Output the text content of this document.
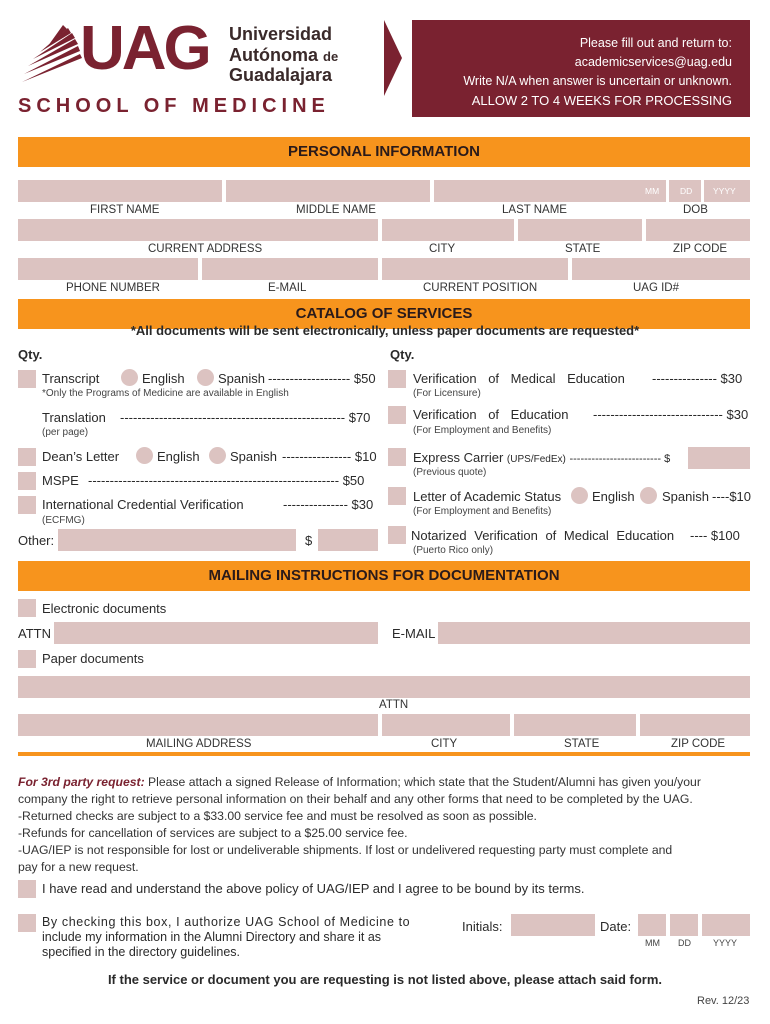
UAG Universidad
Autónoma de
Guadalajara
SCHOOL OF MEDICINE
Please fill out and return to:
academicservices@uag.edu
Write N/A when answer is uncertain or unknown.
ALLOW 2 TO 4 WEEKS FOR PROCESSING
PERSONAL INFORMATION
MM DD YYYY
FIRST NAME	MIDDLE NAME	LAST NAME	DOB
CURRENT ADDRESS	CITY	STATE	ZIP CODE
PHONE NUMBER	E-MAIL	CURRENT POSITION	UAG ID#
CATALOG OF SERVICES
*All documents will be sent electronically, unless paper documents are requested*
Qty.	Qty.
Transcript	English	Spanish ------------------- $50
*Only the Programs of Medicine are available in English
Translation ---------------------------------------------------- $70
(per page)
Dean’s Letter	English Spanish ---------------- $10
MSPE ---------------------------------------------------------- $50
International Credential Verification	--------------- $30
(ECFMG)
Other:	$
Verification of Medical Education --------------- $30
(For Licensure)
Verification of Education ------------------------------ $30
(For Employment and Benefits)
Express Carrier (UPS/FedEx) ------------------------- $
(Previous quote)
Letter of Academic Status English Spanish ----$10
(For Employment and Benefits)
Notarized Verification of Medical Education ---- $100
(Puerto Rico only)
MAILING INSTRUCTIONS FOR DOCUMENTATION
Electronic documents
ATTN	E-MAIL
Paper documents
ATTN
MAILING ADDRESS	CITY	STATE	ZIP CODE
For 3rd party request: Please attach a signed Release of Information; which state that the Student/Alumni has given you/your
company the right to retrieve personal information on their behalf and any other forms that need to be completed by the UAG.
-Returned checks are subject to a $33.00 service fee and must be resolved as soon as possible.
-Refunds for cancellation of services are subject to a $25.00 service fee.
-UAG/IEP is not responsible for lost or undeliverable shipments. If lost or undelivered requesting party must complete and
pay for a new request.
I have read and understand the above policy of UAG/IEP and I agree to be bound by its terms.
By checking this box, I authorize UAG School of Medicine to
include my information in the Alumni Directory and share it as
specified in the directory guidelines.
Initials:	Date:
MM DD YYYY
If the service or document you are requesting is not listed above, please attach said form.
Rev. 12/23
